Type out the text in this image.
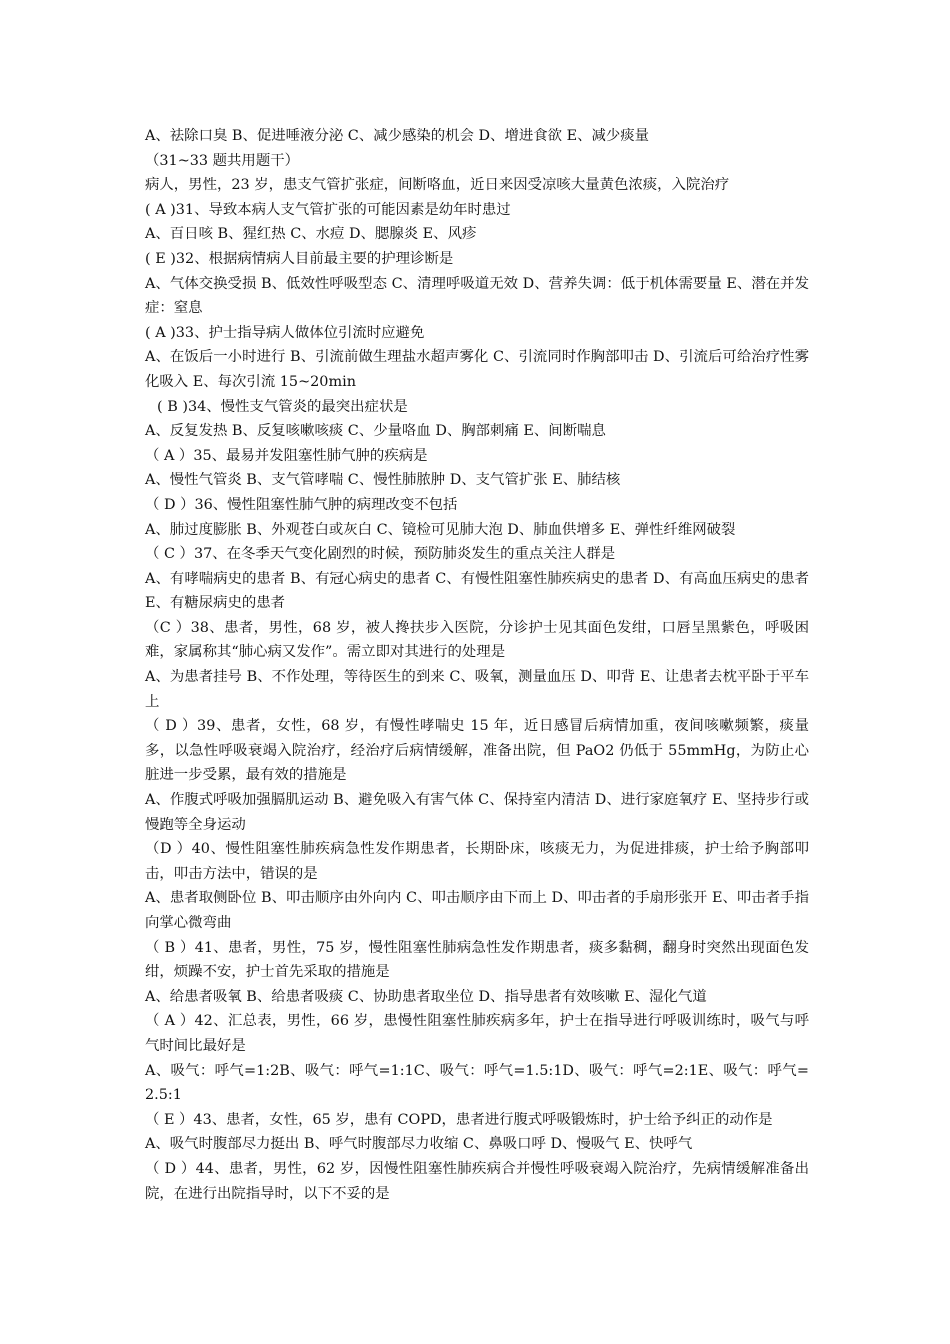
A、祛除口臭 B、促进唾液分泌 C、减少感染的机会 D、增进食欲 E、减少痰量

（31~33 题共用题干）

病人，男性，23 岁，患支气管扩张症，间断咯血，近日来因受凉咳大量黄色浓痰，入院治疗

( A )31、导致本病人支气管扩张的可能因素是幼年时患过

A、百日咳 B、猩红热 C、水痘 D、腮腺炎 E、风疹

( E )32、根据病情病人目前最主要的护理诊断是

A、气体交换受损 B、低效性呼吸型态 C、清理呼吸道无效 D、营养失调：低于机体需要量 E、潜在并发症：窒息

( A )33、护士指导病人做体位引流时应避免

A、在饭后一小时进行 B、引流前做生理盐水超声雾化 C、引流同时作胸部叩击 D、引流后可给治疗性雾化吸入 E、每次引流 15~20min

( B )34、慢性支气管炎的最突出症状是

A、反复发热 B、反复咳嗽咳痰 C、少量咯血 D、胸部刺痛 E、间断喘息

（ A ）35、最易并发阻塞性肺气肿的疾病是

A、慢性气管炎 B、支气管哮喘 C、慢性肺脓肿 D、支气管扩张 E、肺结核

（ D ）36、慢性阻塞性肺气肿的病理改变不包括

A、肺过度膨胀 B、外观苍白或灰白 C、镜检可见肺大泡 D、肺血供增多 E、弹性纤维网破裂

（ C ）37、在冬季天气变化剧烈的时候，预防肺炎发生的重点关注人群是

A、有哮喘病史的患者 B、有冠心病史的患者 C、有慢性阻塞性肺疾病史的患者 D、有高血压病史的患者 E、有糖尿病史的患者

（C ）38、患者，男性，68 岁，被人搀扶步入医院，分诊护士见其面色发绀，口唇呈黑紫色，呼吸困难，家属称其“肺心病又发作”。需立即对其进行的处理是

A、为患者挂号 B、不作处理，等待医生的到来 C、吸氧，测量血压 D、叩背 E、让患者去枕平卧于平车上

（ D ）39、患者，女性，68 岁，有慢性哮喘史 15 年，近日感冒后病情加重，夜间咳嗽频繁，痰量多，以急性呼吸衰竭入院治疗，经治疗后病情缓解，准备出院，但 PaO2 仍低于 55mmHg，为防止心脏进一步受累，最有效的措施是

A、作腹式呼吸加强膈肌运动 B、避免吸入有害气体 C、保持室内清洁 D、进行家庭氧疗 E、坚持步行或慢跑等全身运动

（D ）40、慢性阻塞性肺疾病急性发作期患者，长期卧床，咳痰无力，为促进排痰，护士给予胸部叩击，叩击方法中，错误的是

A、患者取侧卧位 B、叩击顺序由外向内 C、叩击顺序由下而上 D、叩击者的手扇形张开 E、叩击者手指向掌心微弯曲

（ B ）41、患者，男性，75 岁，慢性阻塞性肺病急性发作期患者，痰多黏稠，翻身时突然出现面色发绀，烦躁不安，护士首先采取的措施是

A、给患者吸氧 B、给患者吸痰 C、协助患者取坐位 D、指导患者有效咳嗽 E、湿化气道

（ A ）42、汇总表，男性，66 岁，患慢性阻塞性肺疾病多年，护士在指导进行呼吸训练时，吸气与呼气时间比最好是

A、吸气：呼气=1:2B、吸气：呼气=1:1C、吸气：呼气=1.5:1D、吸气：呼气=2:1E、吸气：呼气=2.5:1

（ E ）43、患者，女性，65 岁，患有 COPD，患者进行腹式呼吸锻炼时，护士给予纠正的动作是

A、吸气时腹部尽力挺出 B、呼气时腹部尽力收缩 C、鼻吸口呼 D、慢吸气 E、快呼气

（ D ）44、患者，男性，62 岁，因慢性阻塞性肺疾病合并慢性呼吸衰竭入院治疗，先病情缓解准备出院，在进行出院指导时，以下不妥的是
